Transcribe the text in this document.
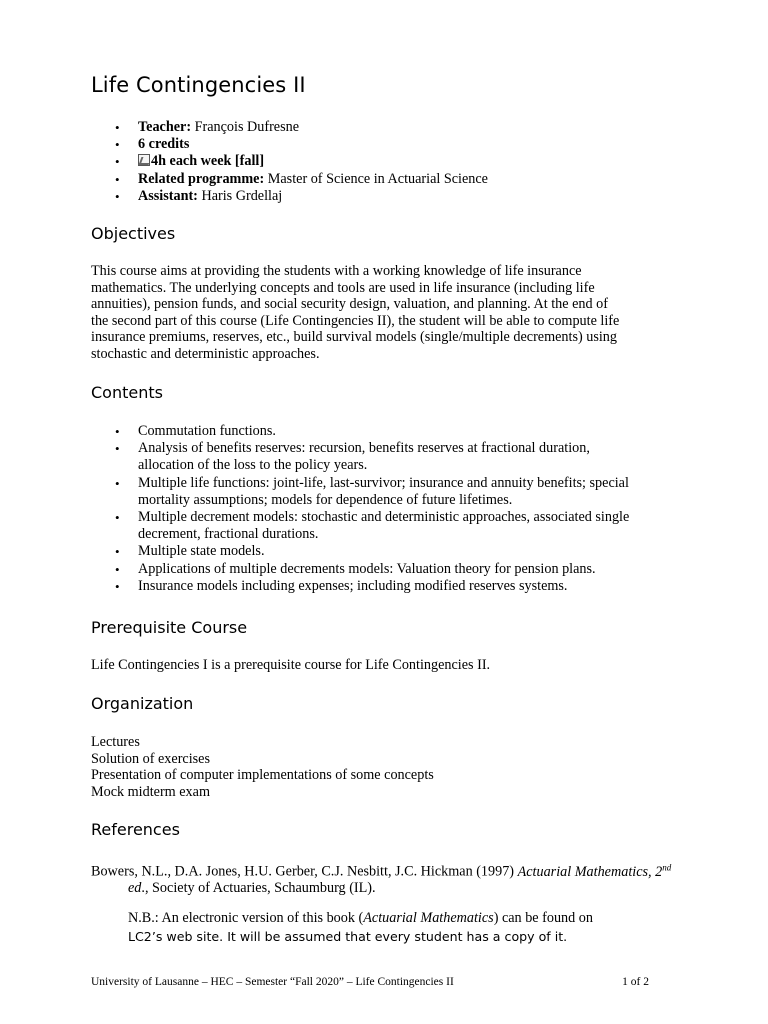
Life Contingencies II
• Teacher: François Dufresne
• 6 credits
• 4h each week [fall]
• Related programme: Master of Science in Actuarial Science
• Assistant: Haris Grdellaj
Objectives
This course aims at providing the students with a working knowledge of life insurance
mathematics. The underlying concepts and tools are used in life insurance (including life
annuities), pension funds, and social security design, valuation, and planning. At the end of
the second part of this course (Life Contingencies II), the student will be able to compute life
insurance premiums, reserves, etc., build survival models (single/multiple decrements) using
stochastic and deterministic approaches.
Contents
• Commutation functions.
• Analysis of benefits reserves: recursion, benefits reserves at fractional duration,
allocation of the loss to the policy years.
• Multiple life functions: joint-life, last-survivor; insurance and annuity benefits; special
mortality assumptions; models for dependence of future lifetimes.
• Multiple decrement models: stochastic and deterministic approaches, associated single
decrement, fractional durations.
• Multiple state models.
• Applications of multiple decrements models: Valuation theory for pension plans.
• Insurance models including expenses; including modified reserves systems.
Prerequisite Course
Life Contingencies I is a prerequisite course for Life Contingencies II.
Organization
Lectures
Solution of exercises
Presentation of computer implementations of some concepts
Mock midterm exam
References
Bowers, N.L., D.A. Jones, H.U. Gerber, C.J. Nesbitt, J.C. Hickman (1997) Actuarial Mathematics, 2nd ed., Society of Actuaries, Schaumburg (IL).
N.B.: An electronic version of this book (Actuarial Mathematics) can be found on
LC2’s web site. It will be assumed that every student has a copy of it.
University of Lausanne – HEC – Semester “Fall 2020” – Life Contingencies II	1 of 2
